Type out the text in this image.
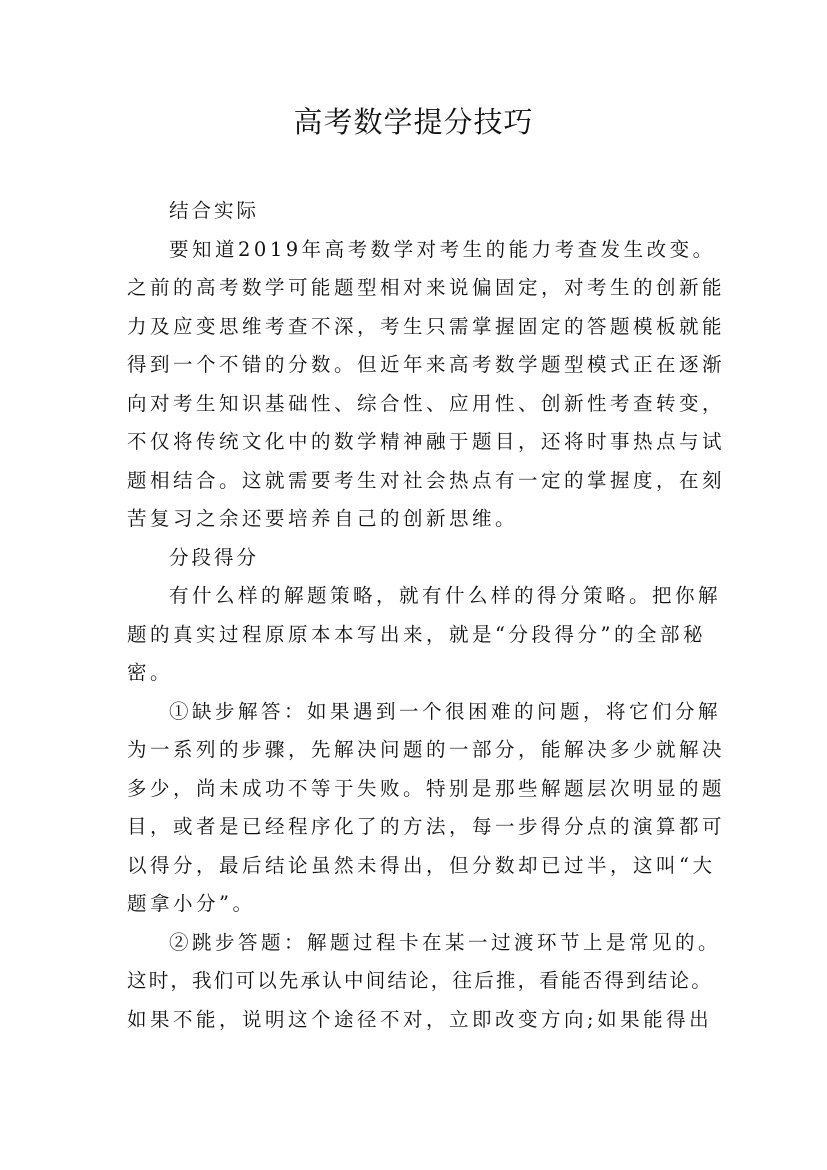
高考数学提分技巧
结合实际
要知道2019年高考数学对考生的能力考查发生改变。
之前的高考数学可能题型相对来说偏固定，对考生的创新能
力及应变思维考查不深，考生只需掌握固定的答题模板就能
得到一个不错的分数。但近年来高考数学题型模式正在逐渐
向对考生知识基础性、综合性、应用性、创新性考查转变，
不仅将传统文化中的数学精神融于题目，还将时事热点与试
题相结合。这就需要考生对社会热点有一定的掌握度，在刻
苦复习之余还要培养自己的创新思维。
分段得分
有什么样的解题策略，就有什么样的得分策略。把你解
题的真实过程原原本本写出来，就是“分段得分”的全部秘
密。
①缺步解答：如果遇到一个很困难的问题，将它们分解
为一系列的步骤，先解决问题的一部分，能解决多少就解决
多少，尚未成功不等于失败。特别是那些解题层次明显的题
目，或者是已经程序化了的方法，每一步得分点的演算都可
以得分，最后结论虽然未得出，但分数却已过半，这叫“大
题拿小分”。
②跳步答题：解题过程卡在某一过渡环节上是常见的。
这时，我们可以先承认中间结论，往后推，看能否得到结论。
如果不能，说明这个途径不对，立即改变方向;如果能得出
